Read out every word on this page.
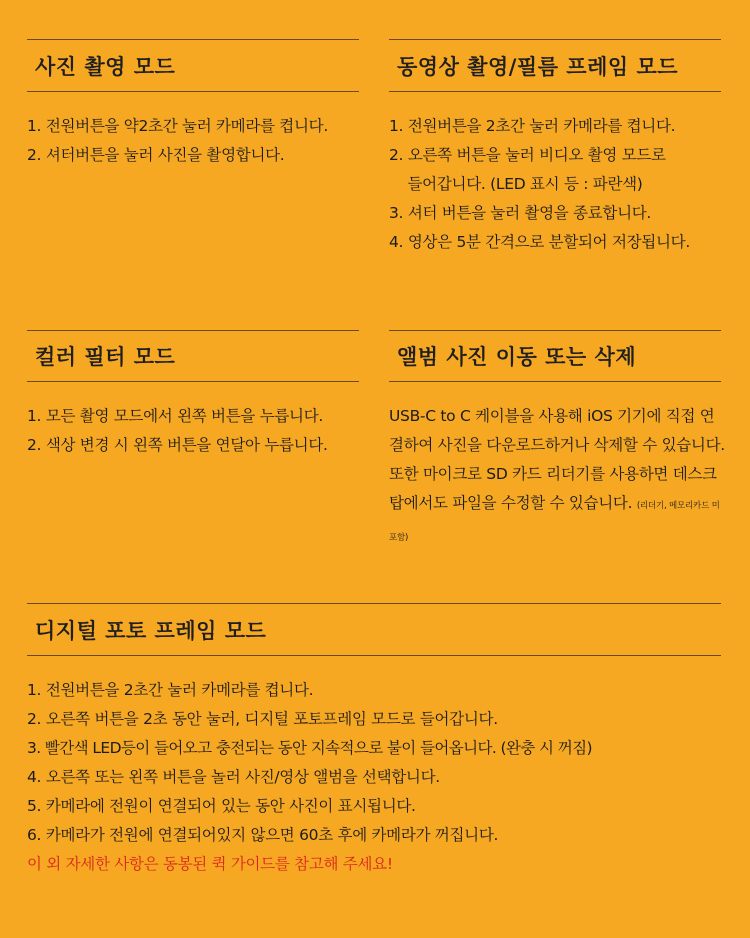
사진 촬영 모드
1. 전원버튼을 약2초간 눌러 카메라를 켭니다.
2. 셔터버튼을 눌러 사진을 촬영합니다.
동영상 촬영/필름 프레임 모드
1. 전원버튼을 2초간 눌러 카메라를 켭니다.
2. 오른쪽 버튼을 눌러 비디오 촬영 모드로
들어갑니다. (LED 표시 등 : 파란색)
3. 셔터 버튼을 눌러 촬영을 종료합니다.
4. 영상은 5분 간격으로 분할되어 저장됩니다.
컬러 필터 모드
1. 모든 촬영 모드에서 왼쪽 버튼을 누릅니다.
2. 색상 변경 시 왼쪽 버튼을 연달아 누릅니다.
앨범 사진 이동 또는 삭제
USB-C to C 케이블을 사용해 iOS 기기에 직접 연결하여 사진을 다운로드하거나 삭제할 수 있습니다. 또한 마이크로 SD 카드 리더기를 사용하면 데스크탑에서도 파일을 수정할 수 있습니다. (리더기, 메모리카드 미포함)
디지털 포토 프레임 모드
1. 전원버튼을 2초간 눌러 카메라를 켭니다.
2. 오른쪽 버튼을 2초 동안 눌러, 디지털 포토프레임 모드로 들어갑니다.
3. 빨간색 LED등이 들어오고 충전되는 동안 지속적으로 불이 들어옵니다. (완충 시 꺼짐)
4. 오른쪽 또는 왼쪽 버튼을 놀러 사진/영상 앨범을 선택합니다.
5. 카메라에 전원이 연결되어 있는 동안 사진이 표시됩니다.
6. 카메라가 전원에 연결되어있지 않으면 60초 후에 카메라가 꺼집니다.
이 외 자세한 사항은 동봉된 퀵 가이드를 참고해 주세요!
